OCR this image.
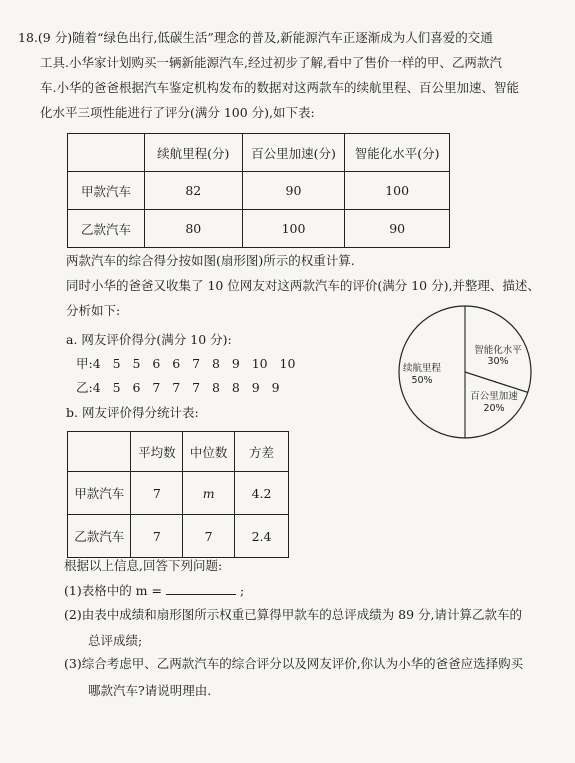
18.(9 分)随着“绿色出行,低碳生活”理念的普及,新能源汽车正逐渐成为人们喜爱的交通
工具.小华家计划购买一辆新能源汽车,经过初步了解,看中了售价一样的甲、乙两款汽
车.小华的爸爸根据汽车鉴定机构发布的数据对这两款车的续航里程、百公里加速、智能
化水平三项性能进行了评分(满分 100 分),如下表:
	续航里程(分)	百公里加速(分)	智能化水平(分)
甲款汽车	82	90	100
乙款汽车	80	100	90
两款汽车的综合得分按如图(扇形图)所示的权重计算.
同时小华的爸爸又收集了 10 位网友对这两款汽车的评价(满分 10 分),并整理、描述、
分析如下:
a. 网友评价得分(满分 10 分):
甲:4   5   5   6   6   7   8   9   10   10
乙:4   5   6   7   7   7   8   8   9   9
b. 网友评价得分统计表:
续航里程
50%
智能化水平
30%
百公里加速
20%
	平均数	中位数	方差
甲款汽车	7	m	4.2
乙款汽车	7	7	2.4
根据以上信息,回答下列问题:
(1)表格中的 m =	;
(2)由表中成绩和扇形图所示权重已算得甲款车的总评成绩为 89 分,请计算乙款车的
总评成绩;
(3)综合考虑甲、乙两款汽车的综合评分以及网友评价,你认为小华的爸爸应选择购买
哪款汽车?请说明理由.
